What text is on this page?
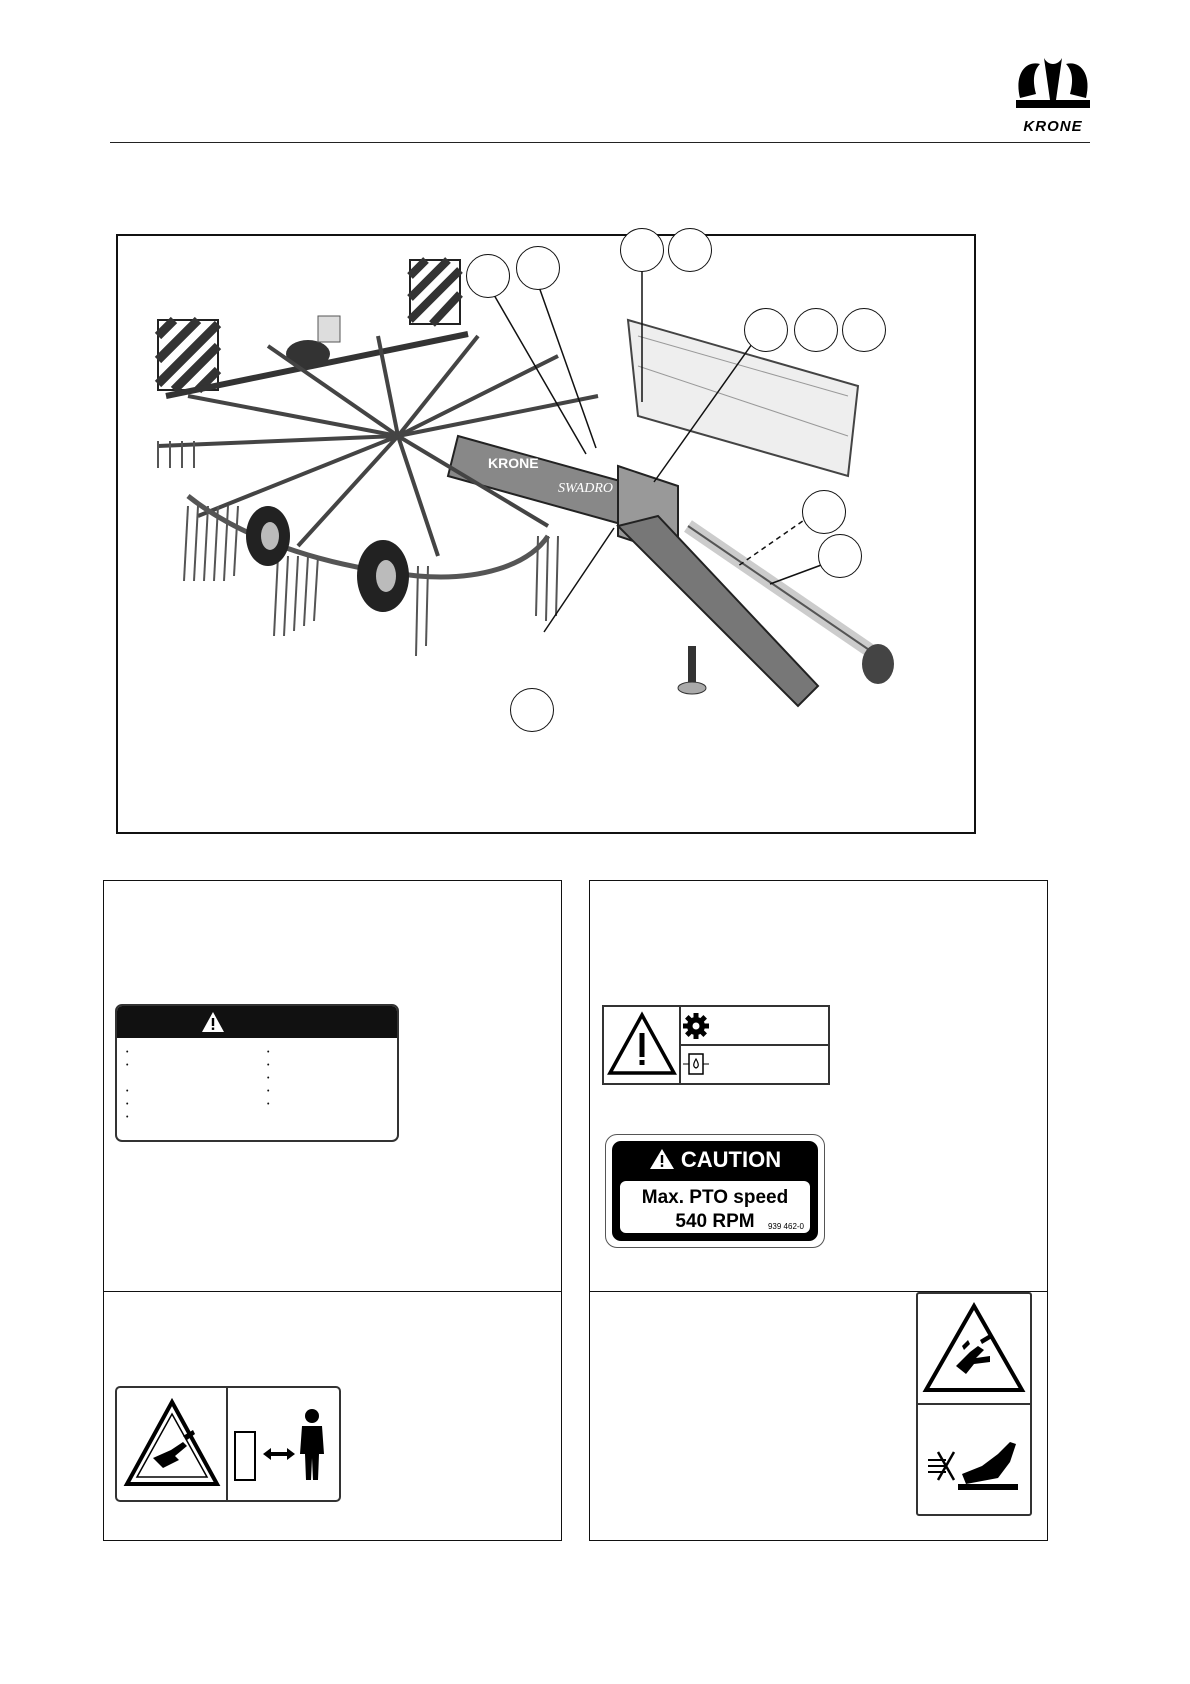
KRONE
KRONE
SWADRO
•
•
•
•
•
•
•
•
•
•
CAUTION
Max. PTO speed
540 RPM	939 462-0
